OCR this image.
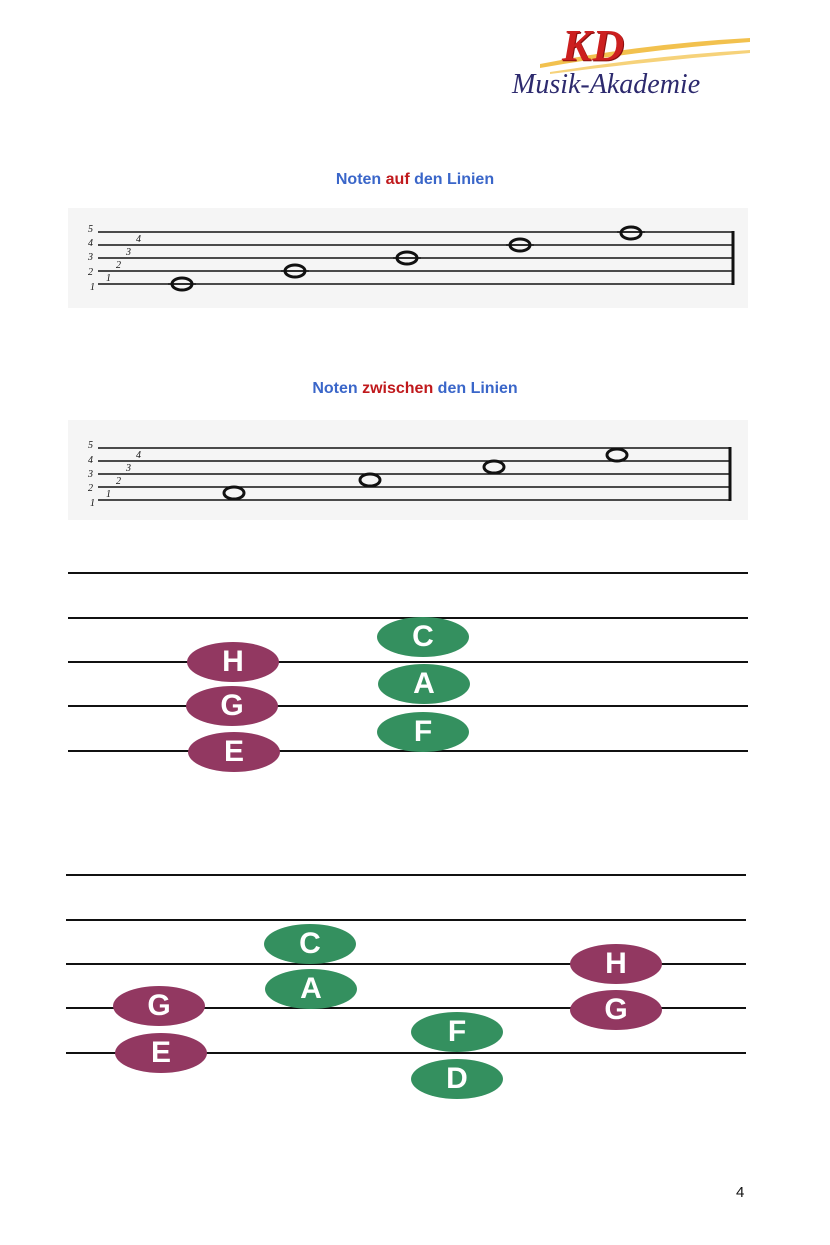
KD
Musik-Akademie
Noten auf den Linien
5
4
3
2
1
4
3
2
1
Noten zwischen den Linien
5
4
3
2
1
4
3
2
1
H
G
E
C
A
F
G
E
C
A
F
D
H
G
4
